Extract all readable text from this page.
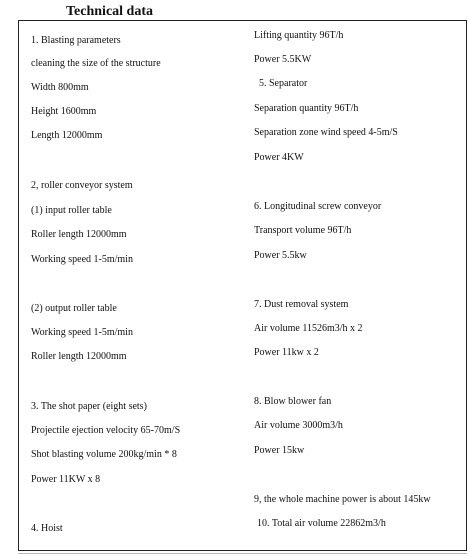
Technical data
1. Blasting parameters
cleaning the size of the structure
Width 800mm
Height 1600mm
Length 12000mm
2, roller conveyor system
(1) input roller table
Roller length 12000mm
Working speed 1-5m/min
(2) output roller table
Working speed 1-5m/min
Roller length 12000mm
3. The shot paper (eight sets)
Projectile ejection velocity 65-70m/S
Shot blasting volume 200kg/min * 8
Power 11KW x 8
4. Hoist
Lifting quantity 96T/h
Power 5.5KW
5. Separator
Separation quantity 96T/h
Separation zone wind speed 4-5m/S
Power 4KW
6. Longitudinal screw conveyor
Transport volume 96T/h
Power 5.5kw
7. Dust removal system
Air volume 11526m3/h x 2
Power 11kw x 2
8. Blow blower fan
Air volume 3000m3/h
Power 15kw
9, the whole machine power is about 145kw
10. Total air volume 22862m3/h
